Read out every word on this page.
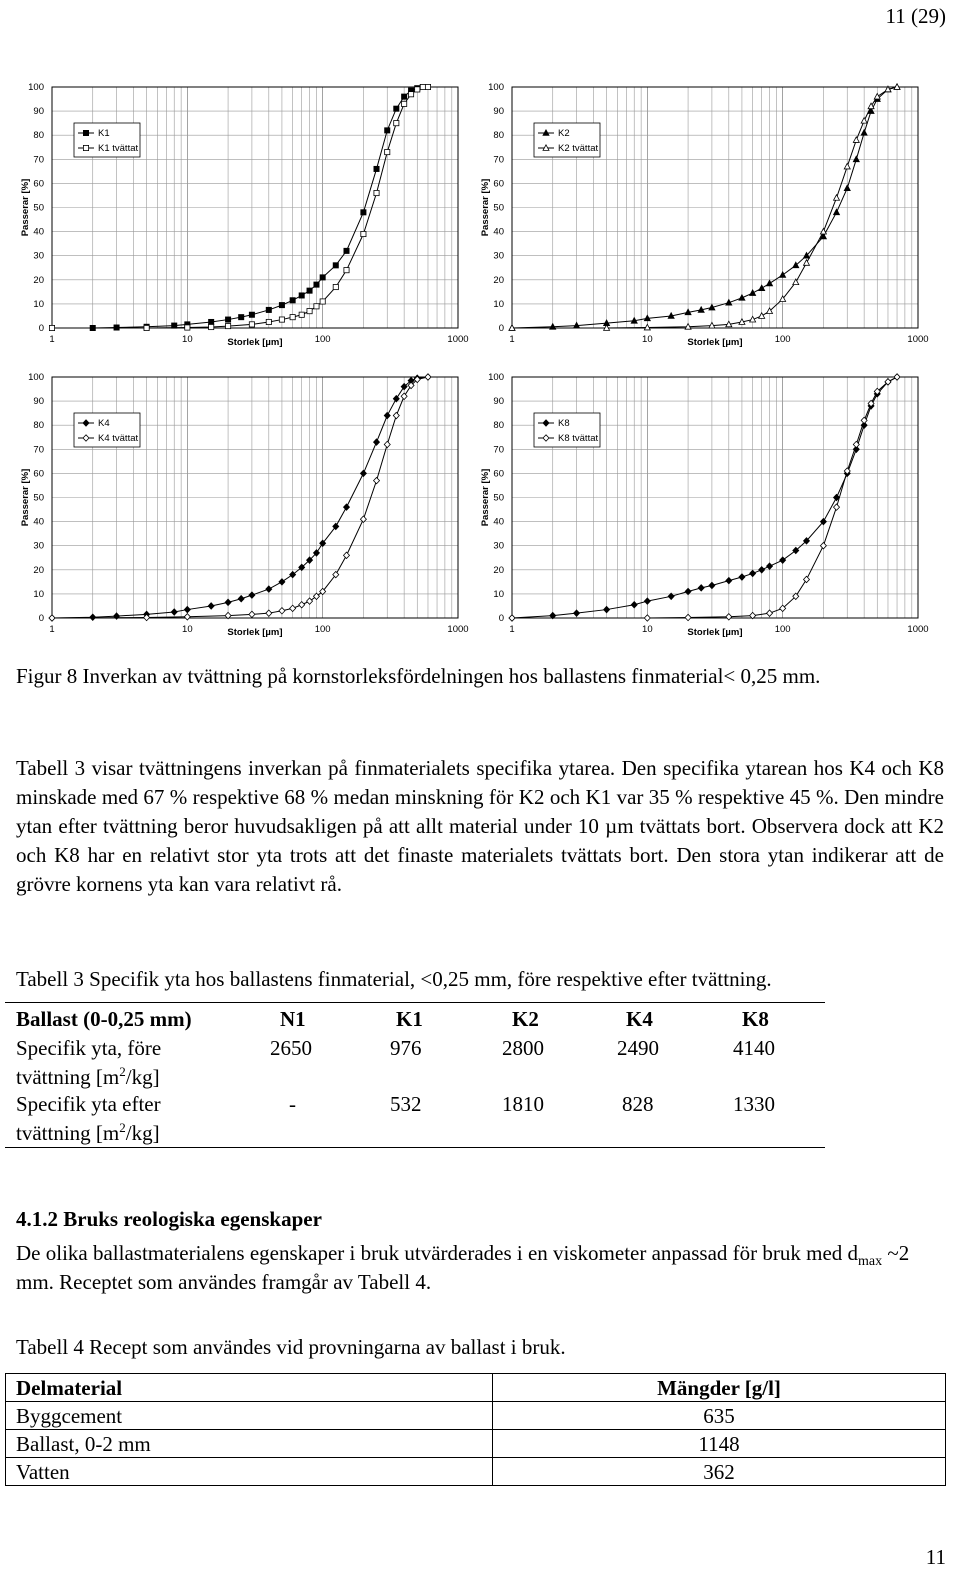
11 (29)
0
10
20
30
40
50
60
70
80
90
100
1	10	100	1000
Storlek [µm]
Passerar [%]
K1
K1 tvättat
0
10
20
30
40
50
60
70
80
90
100
1	10	100	1000
Storlek [µm]
Passerar [%]
K2
K2 tvättat
0
10
20
30
40
50
60
70
80
90
100
1	10	100	1000
Storlek [µm]
Passerar [%]
K4
K4 tvättat
0
10
20
30
40
50
60
70
80
90
100
1	10	100	1000
Storlek [µm]
Passerar [%]
K8
K8 tvättat
Figur 8 Inverkan av tvättning på kornstorleksfördelningen hos ballastens finmaterial< 0,25 mm.
Tabell 3 visar tvättningens inverkan på finmaterialets specifika ytarea. Den specifika ytarean hos K4 och K8 minskade med 67 % respektive 68 % medan minskning för K2 och K1 var 35 % respektive 45 %. Den mindre ytan efter tvättning beror huvudsakligen på att allt material under 10 µm tvättats bort. Observera dock att K2 och K8 har en relativt stor yta trots att det finaste materialets tvättats bort. Den stora ytan indikerar att de grövre kornens yta kan vara relativt rå.
Tabell 3 Specifik yta hos ballastens finmaterial, <0,25 mm, före respektive efter tvättning.
Ballast (0-0,25 mm)	N1	K1	K2	K4	K8
Specifik yta, före
tvättning $[m^2/kg]$
2650	976	2800	2490	4140
Specifik yta efter
tvättning $[m^2/kg]$
-	532	1810	828	1330
4.1.2 Bruks reologiska egenskaper
De olika ballastmaterialens egenskaper i bruk utvärderades i en viskometer anpassad för bruk med $d_{max}$ ~2 mm. Receptet som användes framgår av Tabell 4.
Tabell 4 Recept som användes vid provningarna av ballast i bruk.
Delmaterial	Mängder [g/l]
Byggcement	635
Ballast, 0-2 mm	1148
Vatten	362
11
